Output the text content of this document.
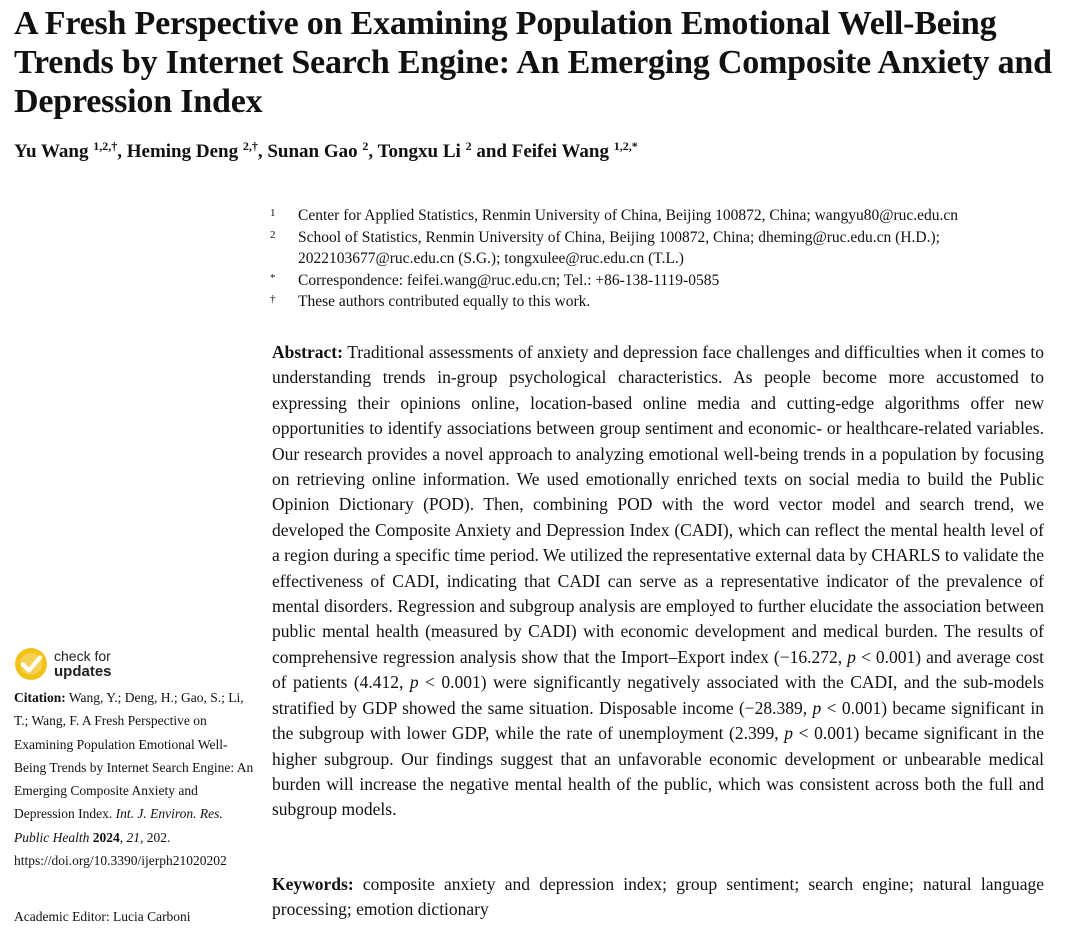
A Fresh Perspective on Examining Population Emotional Well-Being Trends by Internet Search Engine: An Emerging Composite Anxiety and Depression Index

Yu Wang $^{1,2,\dagger}$, Heming Deng $^{2,\dagger}$, Sunan Gao $^2$, Tongxu Li $^2$ and Feifei Wang $^{1,2,*}$

1	Center for Applied Statistics, Renmin University of China, Beijing 100872, China; wangyu80@ruc.edu.cn
2	School of Statistics, Renmin University of China, Beijing 100872, China; dheming@ruc.edu.cn (H.D.); 2022103677@ruc.edu.cn (S.G.); tongxulee@ruc.edu.cn (T.L.)
*	Correspondence: feifei.wang@ruc.edu.cn; Tel.: +86-138-1119-0585
†	These authors contributed equally to this work.

Abstract: Traditional assessments of anxiety and depression face challenges and difficulties when it comes to understanding trends in-group psychological characteristics. As people become more accustomed to expressing their opinions online, location-based online media and cutting-edge algorithms offer new opportunities to identify associations between group sentiment and economic- or healthcare-related variables. Our research provides a novel approach to analyzing emotional well-being trends in a population by focusing on retrieving online information. We used emotionally enriched texts on social media to build the Public Opinion Dictionary (POD). Then, combining POD with the word vector model and search trend, we developed the Composite Anxiety and Depression Index (CADI), which can reflect the mental health level of a region during a specific time period. We utilized the representative external data by CHARLS to validate the effectiveness of CADI, indicating that CADI can serve as a representative indicator of the prevalence of mental disorders. Regression and subgroup analysis are employed to further elucidate the association between public mental health (measured by CADI) with economic development and medical burden. The results of comprehensive regression analysis show that the Import–Export index (−16.272, p < 0.001) and average cost of patients (4.412, p < 0.001) were significantly negatively associated with the CADI, and the sub-models stratified by GDP showed the same situation. Disposable income (−28.389, p < 0.001) became significant in the subgroup with lower GDP, while the rate of unemployment (2.399, p < 0.001) became significant in the higher subgroup. Our findings suggest that an unfavorable economic development or unbearable medical burden will increase the negative mental health of the public, which was consistent across both the full and subgroup models.

Keywords: composite anxiety and depression index; group sentiment; search engine; natural language processing; emotion dictionary

check for
updates

Citation: Wang, Y.; Deng, H.; Gao, S.; Li, T.; Wang, F. A Fresh Perspective on Examining Population Emotional Well-Being Trends by Internet Search Engine: An Emerging Composite Anxiety and Depression Index. Int. J. Environ. Res. Public Health 2024, 21, 202. https://doi.org/10.3390/ijerph21020202

Academic Editor: Lucia Carboni
